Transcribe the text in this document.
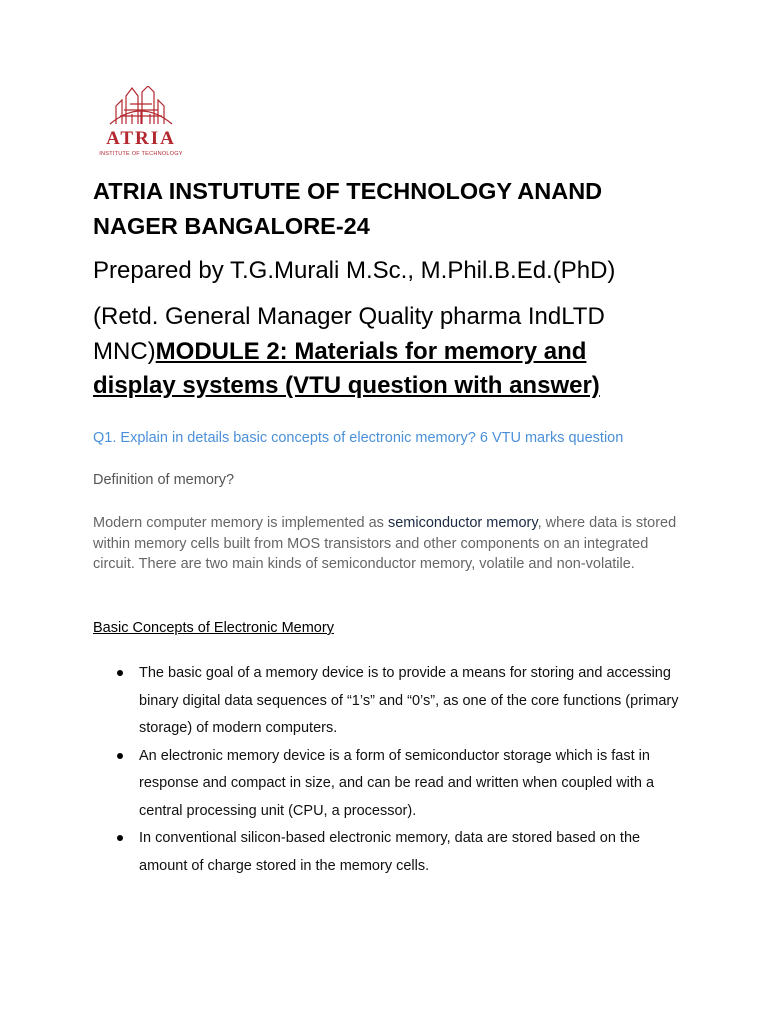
ATRIA
INSTITUTE OF TECHNOLOGY
ATRIA INSTUTUTE OF TECHNOLOGY ANAND NAGER BANGALORE-24
Prepared by T.G.Murali M.Sc., M.Phil.B.Ed.(PhD)
(Retd. General Manager Quality pharma IndLTD MNC)MODULE 2: Materials for memory and display systems (VTU question with answer)
Q1. Explain in details basic concepts of electronic memory? 6 VTU marks question
Definition of memory?
Modern computer memory is implemented as semiconductor memory, where data is stored within memory cells built from MOS transistors and other components on an integrated circuit. There are two main kinds of semiconductor memory, volatile and non-volatile.
Basic Concepts of Electronic Memory
The basic goal of a memory device is to provide a means for storing and accessing binary digital data sequences of “1’s” and “0’s”, as one of the core functions (primary storage) of modern computers.
An electronic memory device is a form of semiconductor storage which is fast in response and compact in size, and can be read and written when coupled with a central processing unit (CPU, a processor).
In conventional silicon-based electronic memory, data are stored based on the amount of charge stored in the memory cells.
